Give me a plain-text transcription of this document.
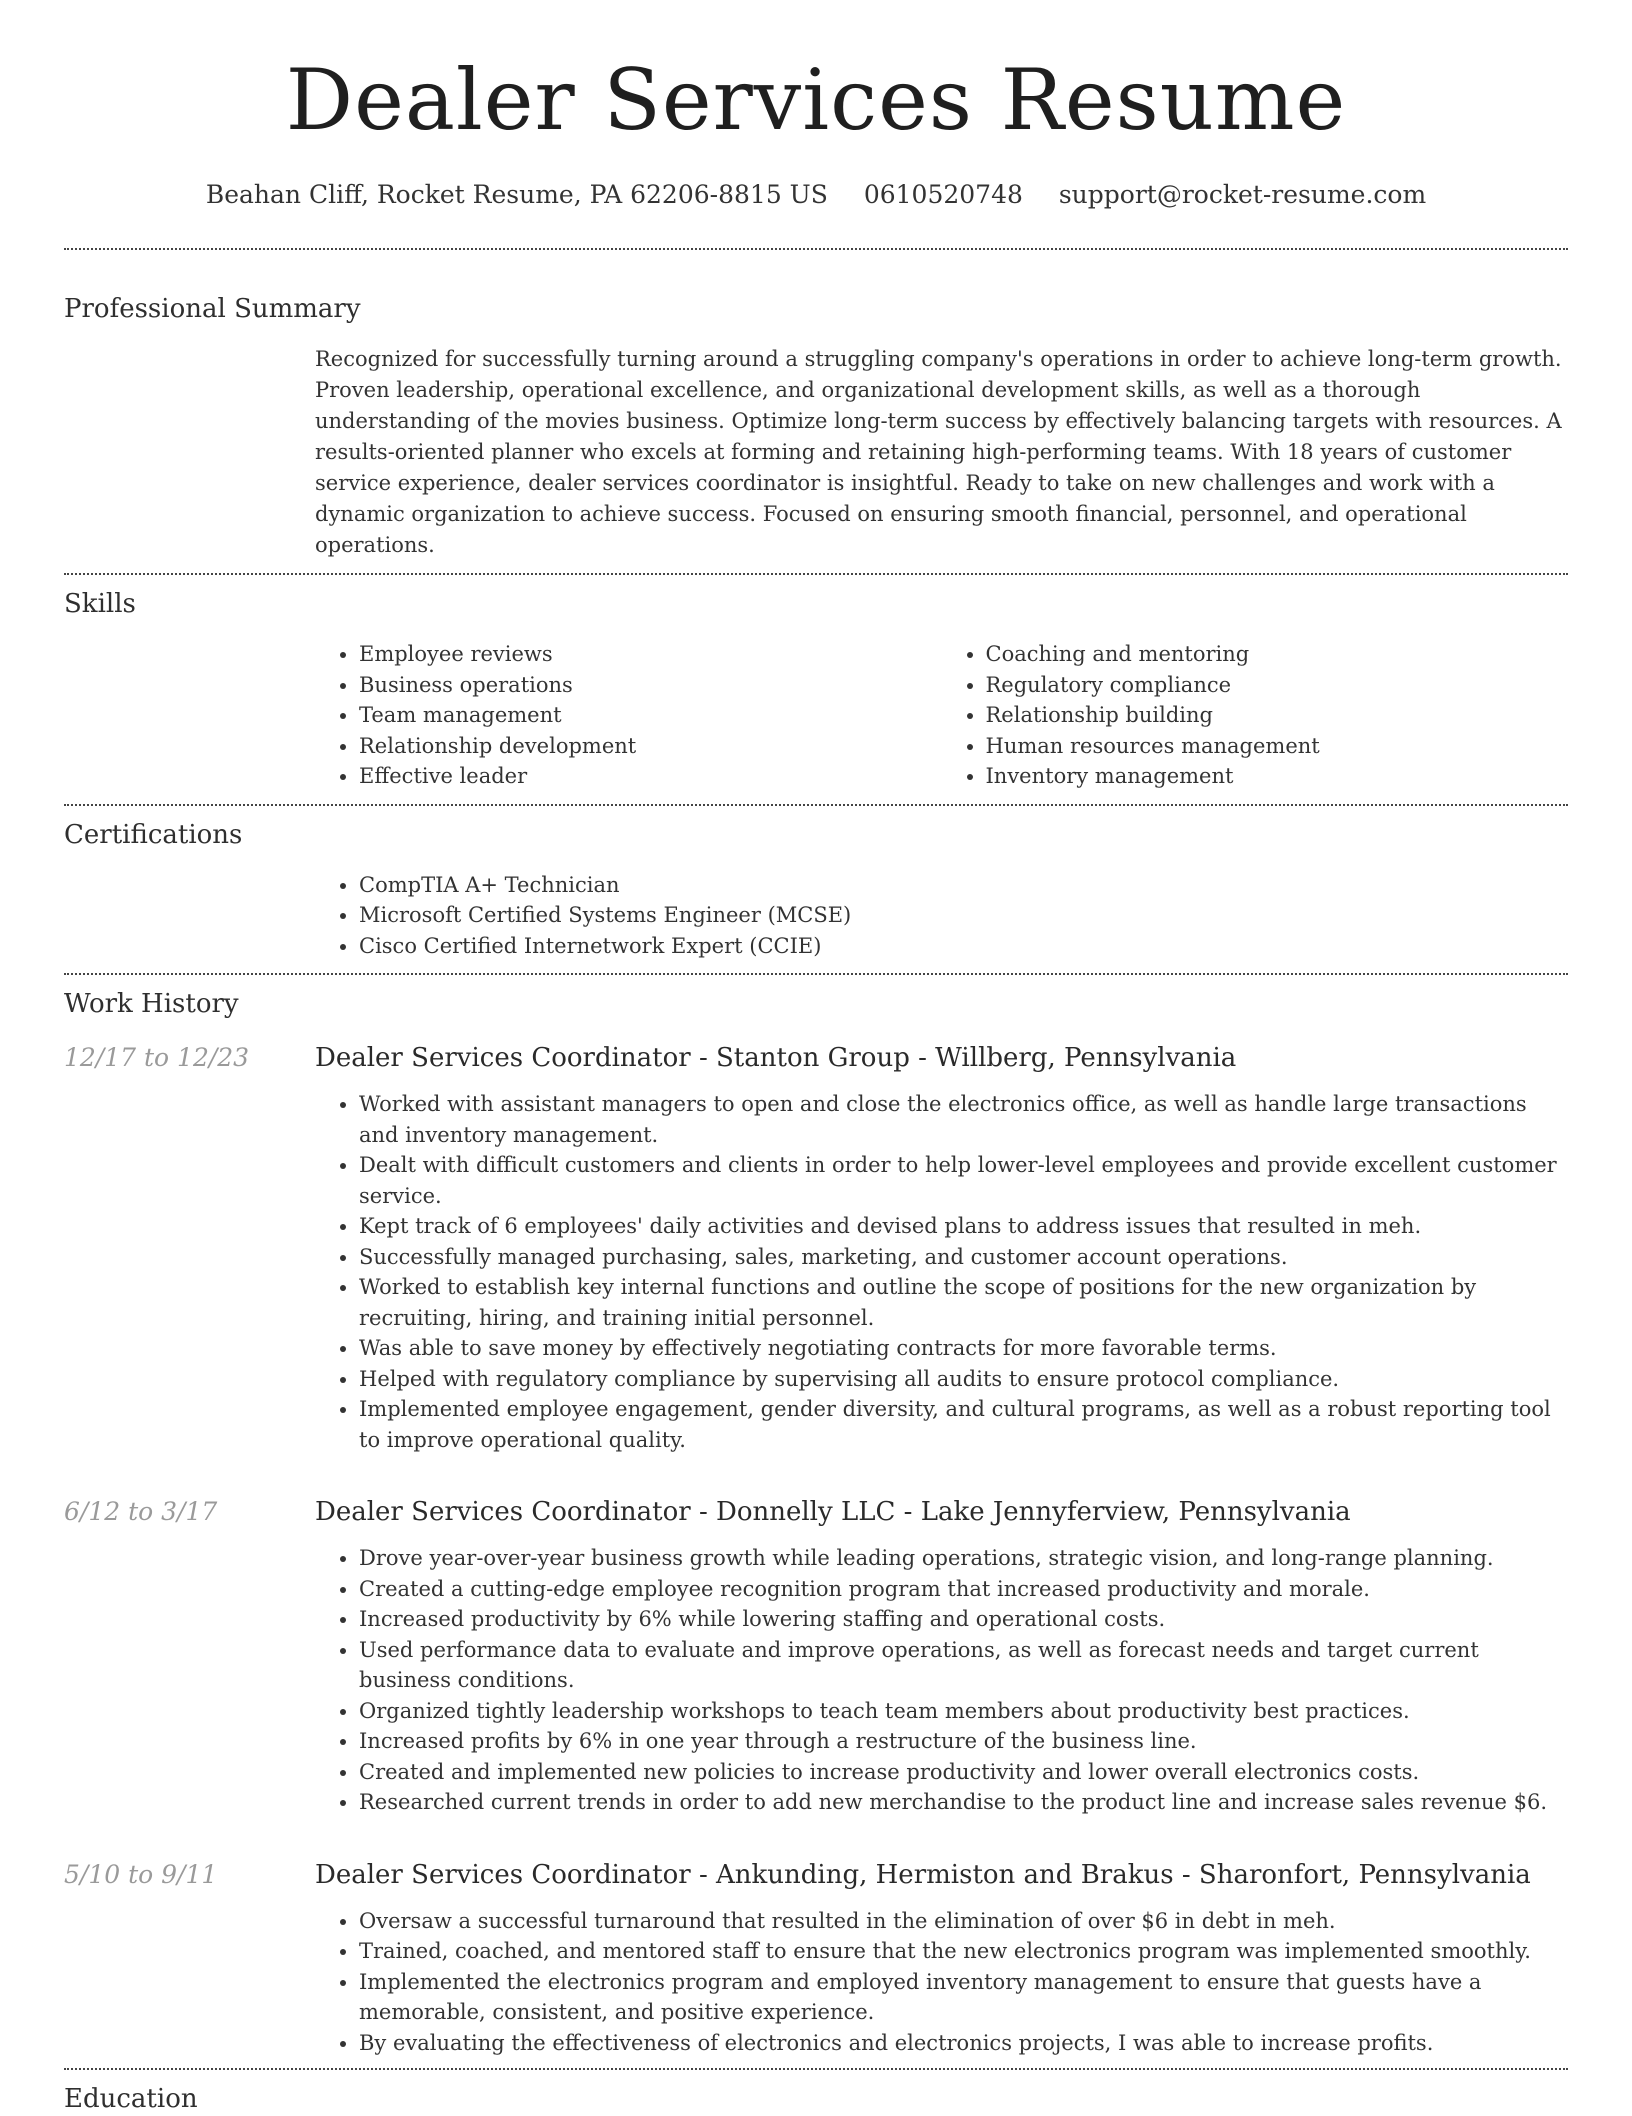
Dealer Services Resume
Beahan Cliff, Rocket Resume, PA 62206-8815 US 0610520748 support@rocket-resume.com
Professional Summary
Recognized for successfully turning around a struggling company's operations in order to achieve long-term growth. Proven leadership, operational excellence, and organizational development skills, as well as a thorough understanding of the movies business. Optimize long-term success by effectively balancing targets with resources. A results-oriented planner who excels at forming and retaining high-performing teams. With 18 years of customer service experience, dealer services coordinator is insightful. Ready to take on new challenges and work with a dynamic organization to achieve success. Focused on ensuring smooth financial, personnel, and operational operations.
Skills
• Employee reviews
• Business operations
• Team management
• Relationship development
• Effective leader
• Coaching and mentoring
• Regulatory compliance
• Relationship building
• Human resources management
• Inventory management
Certifications
• CompTIA A+ Technician
• Microsoft Certified Systems Engineer (MCSE)
• Cisco Certified Internetwork Expert (CCIE)
Work History
12/17 to 12/23	Dealer Services Coordinator - Stanton Group - Willberg, Pennsylvania
• Worked with assistant managers to open and close the electronics office, as well as handle large transactions and inventory management.
• Dealt with difficult customers and clients in order to help lower-level employees and provide excellent customer service.
• Kept track of 6 employees' daily activities and devised plans to address issues that resulted in meh.
• Successfully managed purchasing, sales, marketing, and customer account operations.
• Worked to establish key internal functions and outline the scope of positions for the new organization by recruiting, hiring, and training initial personnel.
• Was able to save money by effectively negotiating contracts for more favorable terms.
• Helped with regulatory compliance by supervising all audits to ensure protocol compliance.
• Implemented employee engagement, gender diversity, and cultural programs, as well as a robust reporting tool to improve operational quality.
6/12 to 3/17	Dealer Services Coordinator - Donnelly LLC - Lake Jennyferview, Pennsylvania
• Drove year-over-year business growth while leading operations, strategic vision, and long-range planning.
• Created a cutting-edge employee recognition program that increased productivity and morale.
• Increased productivity by 6% while lowering staffing and operational costs.
• Used performance data to evaluate and improve operations, as well as forecast needs and target current business conditions.
• Organized tightly leadership workshops to teach team members about productivity best practices.
• Increased profits by 6% in one year through a restructure of the business line.
• Created and implemented new policies to increase productivity and lower overall electronics costs.
• Researched current trends in order to add new merchandise to the product line and increase sales revenue $6.
5/10 to 9/11	Dealer Services Coordinator - Ankunding, Hermiston and Brakus - Sharonfort, Pennsylvania
• Oversaw a successful turnaround that resulted in the elimination of over $6 in debt in meh.
• Trained, coached, and mentored staff to ensure that the new electronics program was implemented smoothly.
• Implemented the electronics program and employed inventory management to ensure that guests have a memorable, consistent, and positive experience.
• By evaluating the effectiveness of electronics and electronics projects, I was able to increase profits.
Education
